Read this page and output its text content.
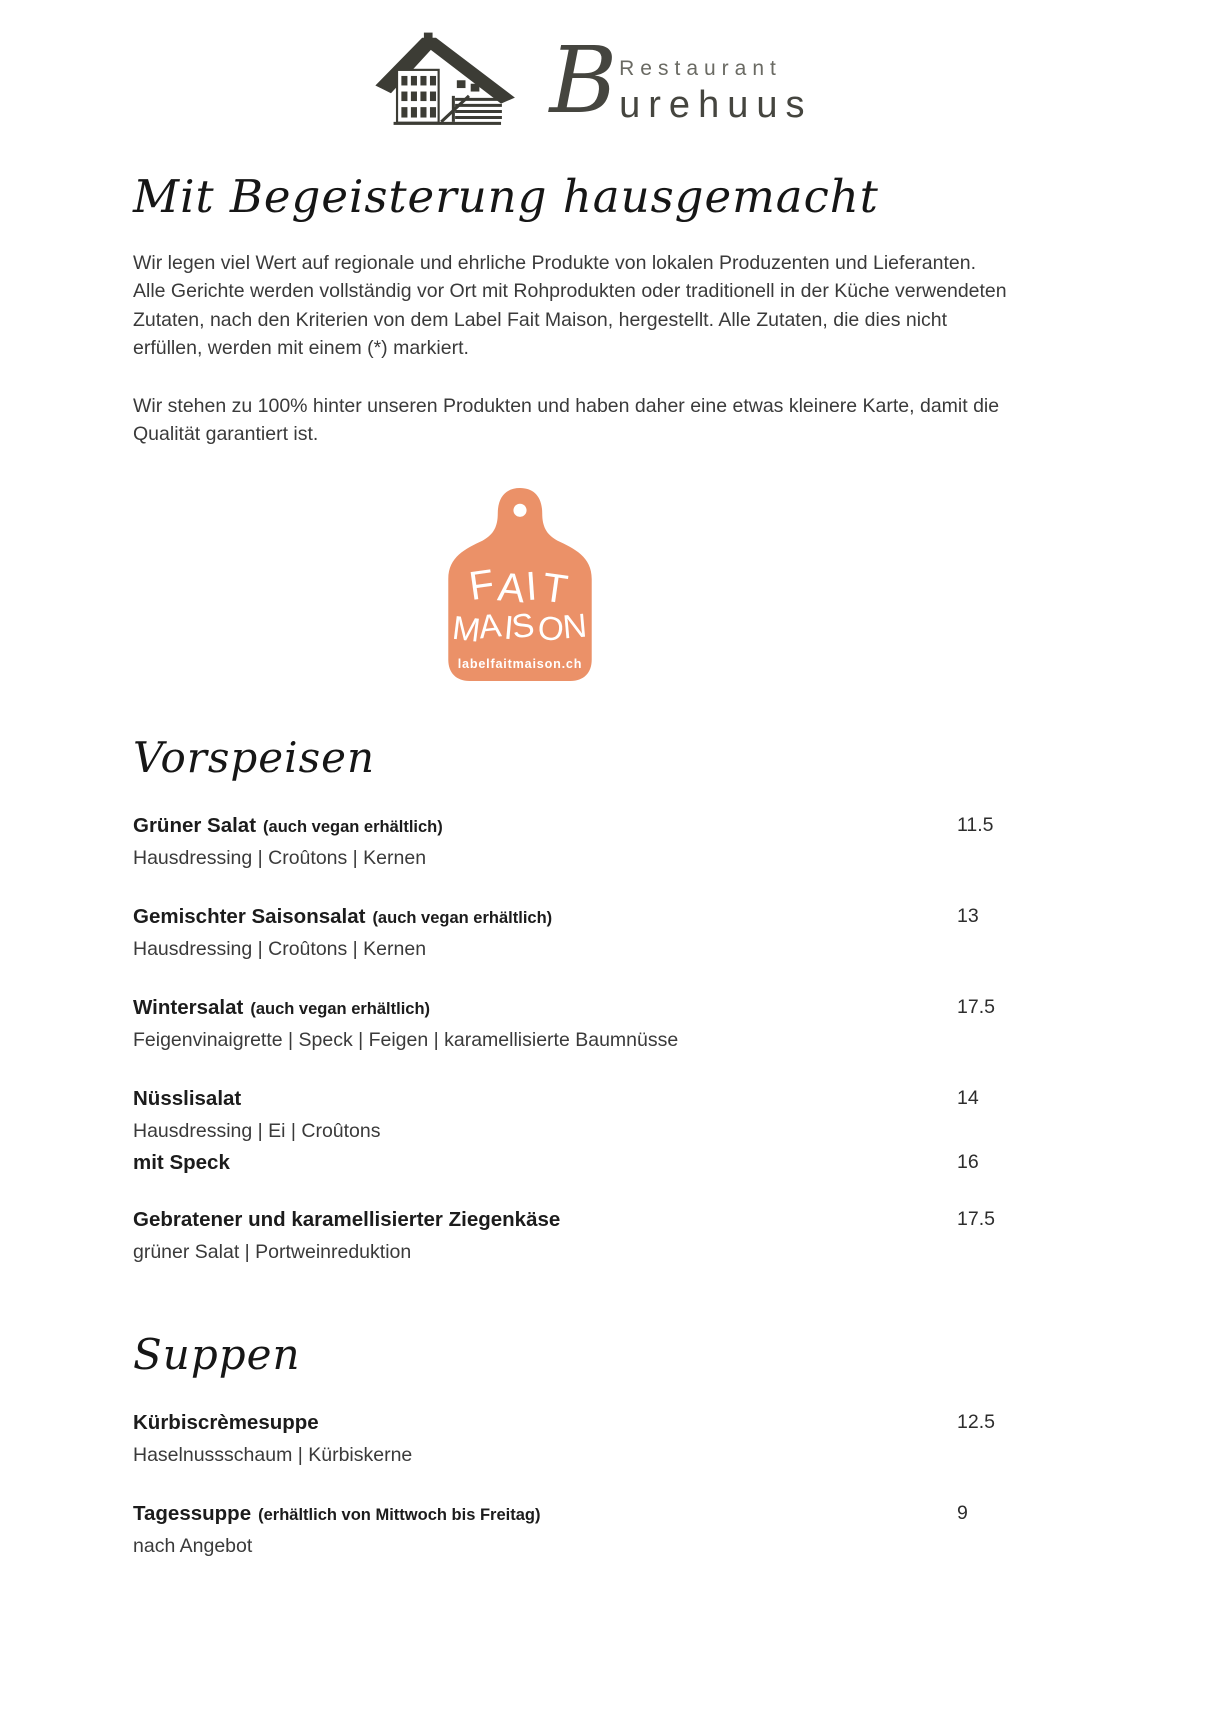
B Restaurant
urehuus
Mit Begeisterung hausgemacht

Wir legen viel Wert auf regionale und ehrliche Produkte von lokalen Produzenten und Lieferanten. Alle Gerichte werden vollständig vor Ort mit Rohprodukten oder traditionell in der Küche verwendeten Zutaten, nach den Kriterien von dem Label Fait Maison, hergestellt. Alle Zutaten, die dies nicht erfüllen, werden mit einem (*) markiert.

Wir stehen zu 100% hinter unseren Produkten und haben daher eine etwas kleinere Karte, damit die Qualität garantiert ist.

FAIT
MAISON
labelfaitmaison.ch
Vorspeisen
Grüner Salat (auch vegan erhältlich)	11.5
Hausdressing | Croûtons | Kernen
Gemischter Saisonsalat (auch vegan erhältlich)	13
Hausdressing | Croûtons | Kernen
Wintersalat (auch vegan erhältlich)	17.5
Feigenvinaigrette | Speck | Feigen | karamellisierte Baumnüsse
Nüsslisalat	14
Hausdressing | Ei | Croûtons
mit Speck	16
Gebratener und karamellisierter Ziegenkäse	17.5
grüner Salat | Portweinreduktion
Suppen
Kürbiscrèmesuppe	12.5
Haselnussschaum | Kürbiskerne
Tagessuppe (erhältlich von Mittwoch bis Freitag)	9
nach Angebot
